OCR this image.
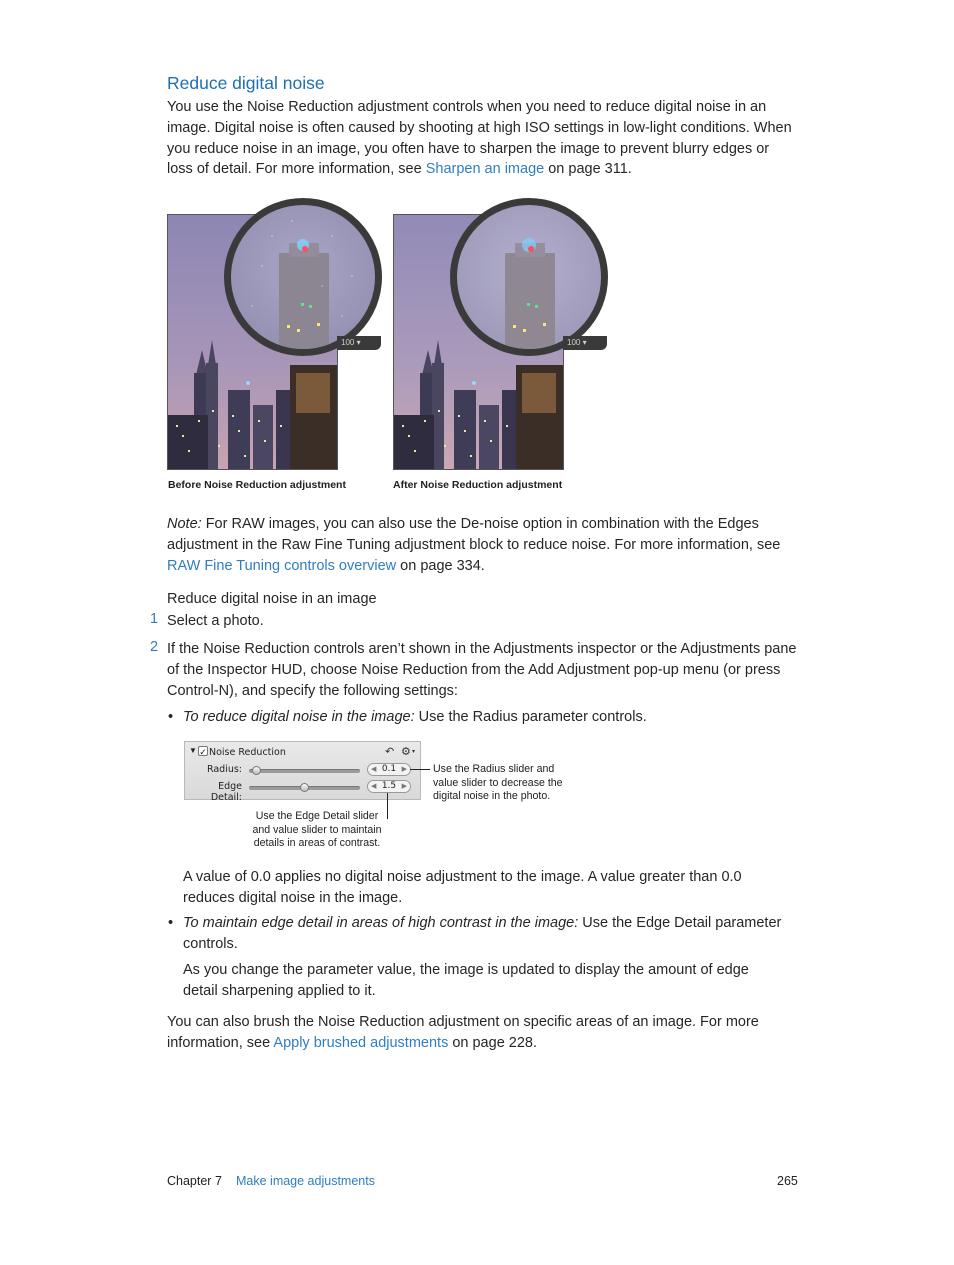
Reduce digital noise
You use the Noise Reduction adjustment controls when you need to reduce digital noise in an image. Digital noise is often caused by shooting at high ISO settings in low-light conditions. When you reduce noise in an image, you often have to sharpen the image to prevent blurry edges or loss of detail. For more information, see Sharpen an image on page 311.
100 ▾
Before Noise Reduction adjustment
100 ▾
After Noise Reduction adjustment
Note: For RAW images, you can also use the De-noise option in combination with the Edges adjustment in the Raw Fine Tuning adjustment block to reduce noise. For more information, see RAW Fine Tuning controls overview on page 334.
Reduce digital noise in an image
1 Select a photo.
2 If the Noise Reduction controls aren’t shown in the Adjustments inspector or the Adjustments pane of the Inspector HUD, choose Noise Reduction from the Add Adjustment pop-up menu (or press Control-N), and specify the following settings:
• To reduce digital noise in the image: Use the Radius parameter controls.
▼ ✓ Noise Reduction	↶ ⚙ ▾
Radius:	◀ 0.1 ▶
Edge Detail:
◀ 1.5 ▶
Use the Radius slider and value slider to decrease the digital noise in the photo.
Use the Edge Detail slider and value slider to maintain details in areas of contrast.
A value of 0.0 applies no digital noise adjustment to the image. A value greater than 0.0 reduces digital noise in the image.
• To maintain edge detail in areas of high contrast in the image: Use the Edge Detail parameter controls.
As you change the parameter value, the image is updated to display the amount of edge detail sharpening applied to it.
You can also brush the Noise Reduction adjustment on specific areas of an image. For more information, see Apply brushed adjustments on page 228.
Chapter 7 Make image adjustments	265
